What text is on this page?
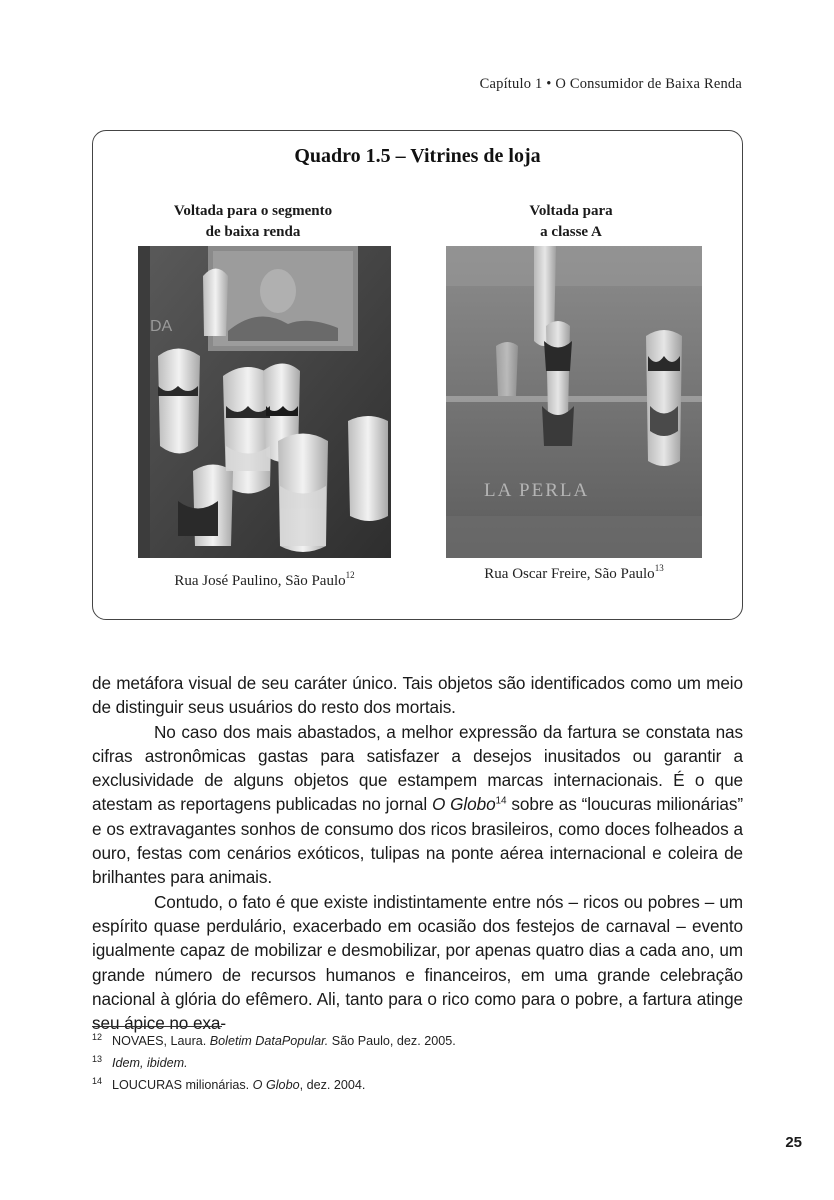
Capítulo 1 • O Consumidor de Baixa Renda
Quadro 1.5 – Vitrines de loja
Voltada para o segmento
de baixa renda
DA
Rua José Paulino, São Paulo$^{12}$
Voltada para
a classe A
LA PERLA
Rua Oscar Freire, São Paulo$^{13}$

de metáfora visual de seu caráter único. Tais objetos são identificados como um meio de distinguir seus usuários do resto dos mortais.

No caso dos mais abastados, a melhor expressão da fartura se constata nas cifras astronômicas gastas para satisfazer a desejos inusitados ou garantir a exclusividade de alguns objetos que estampem marcas internacionais. É o que atestam as reportagens publicadas no jornal O Globo$^{14}$ sobre as “loucuras milionárias” e os extravagantes sonhos de consumo dos ricos brasileiros, como doces folheados a ouro, festas com cenários exóticos, tulipas na ponte aérea internacional e coleira de brilhantes para animais.

Contudo, o fato é que existe indistintamente entre nós – ricos ou pobres – um espírito quase perdulário, exacerbado em ocasião dos festejos de carnaval – evento igualmente capaz de mobilizar e desmobilizar, por apenas quatro dias a cada ano, um grande número de recursos humanos e financeiros, em uma grande celebração nacional à glória do efêmero. Ali, tanto para o rico como para o pobre, a fartura atinge seu ápice no exa-

12 NOVAES, Laura. Boletim DataPopular. São Paulo, dez. 2005.
13 Idem, ibidem.
14 LOUCURAS milionárias. O Globo, dez. 2004.
25
